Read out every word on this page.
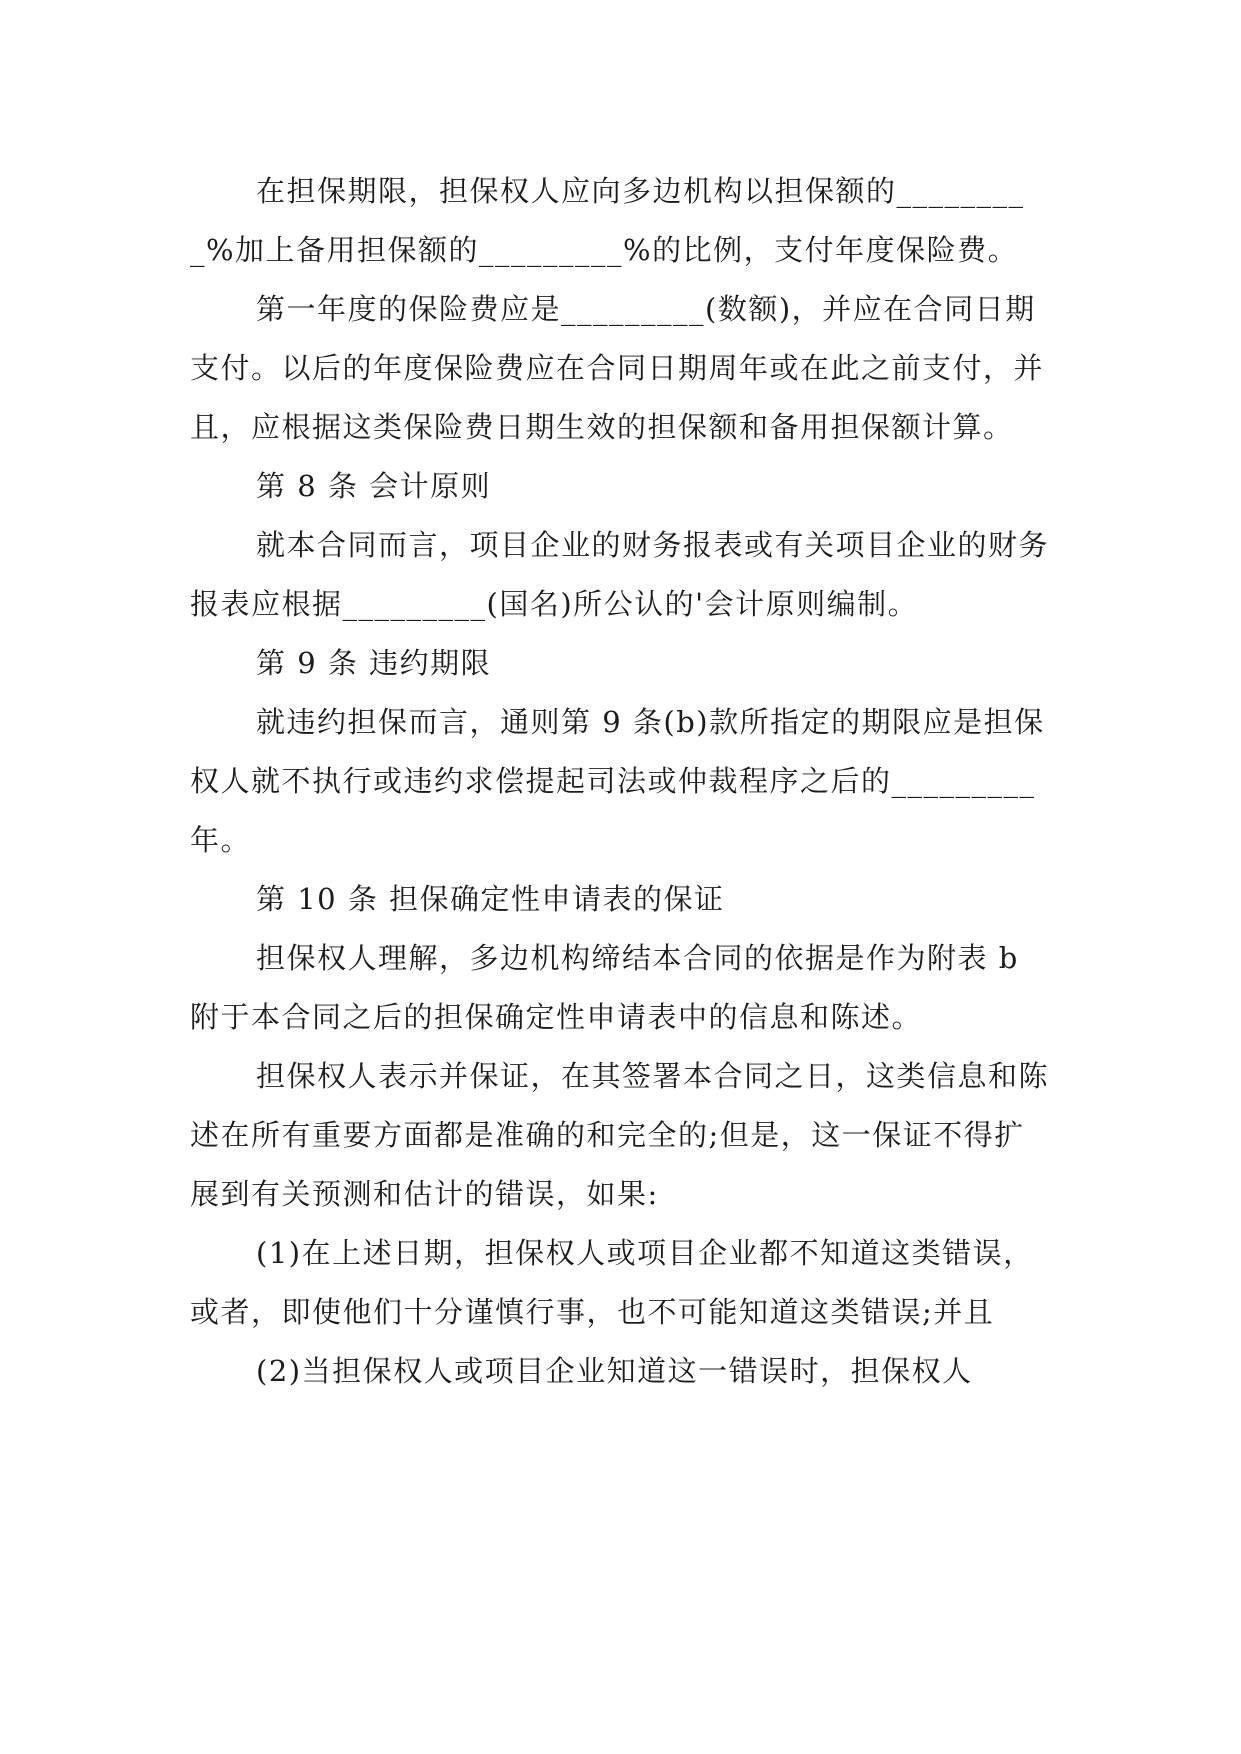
在担保期限，担保权人应向多边机构以担保额的_________%加上备用担保额的_________%的比例，支付年度保险费。

第一年度的保险费应是_________(数额)，并应在合同日期支付。以后的年度保险费应在合同日期周年或在此之前支付，并且，应根据这类保险费日期生效的担保额和备用担保额计算。

第 8 条 会计原则

就本合同而言，项目企业的财务报表或有关项目企业的财务报表应根据_________(国名)所公认的'会计原则编制。

第 9 条 违约期限

就违约担保而言，通则第 9 条(b)款所指定的期限应是担保权人就不执行或违约求偿提起司法或仲裁程序之后的_________年。

第 10 条 担保确定性申请表的保证

担保权人理解，多边机构缔结本合同的依据是作为附表 b 附于本合同之后的担保确定性申请表中的信息和陈述。

担保权人表示并保证，在其签署本合同之日，这类信息和陈述在所有重要方面都是准确的和完全的;但是，这一保证不得扩展到有关预测和估计的错误，如果:

(1)在上述日期，担保权人或项目企业都不知道这类错误，或者，即使他们十分谨慎行事，也不可能知道这类错误;并且

(2)当担保权人或项目企业知道这一错误时，担保权人
